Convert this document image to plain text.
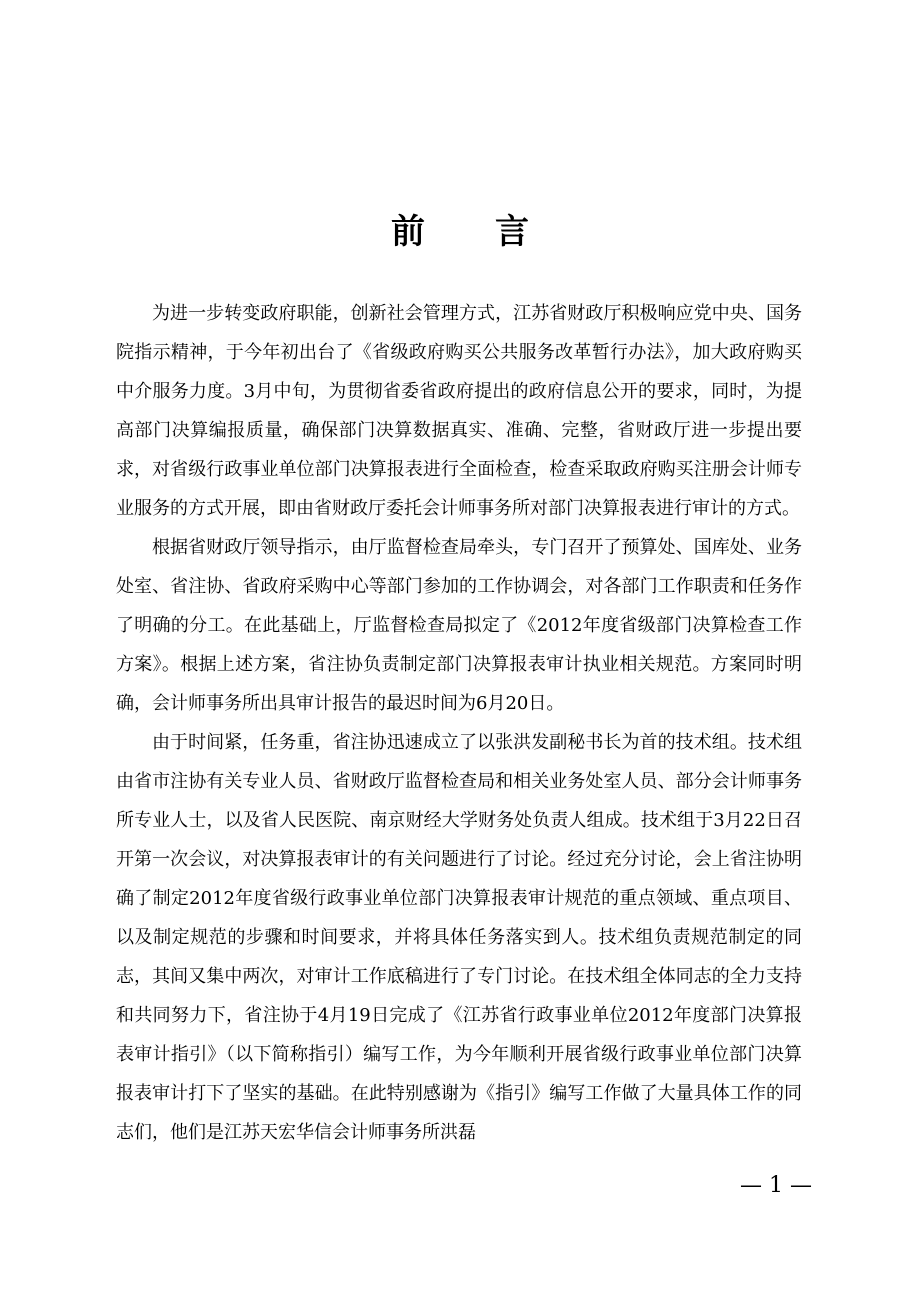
前言

为进一步转变政府职能，创新社会管理方式，江苏省财政厅积极响应党中央、国务院指示精神，于今年初出台了《省级政府购买公共服务改革暂行办法》，加大政府购买中介服务力度。3月中旬，为贯彻省委省政府提出的政府信息公开的要求，同时，为提高部门决算编报质量，确保部门决算数据真实、准确、完整，省财政厅进一步提出要求，对省级行政事业单位部门决算报表进行全面检查，检查采取政府购买注册会计师专业服务的方式开展，即由省财政厅委托会计师事务所对部门决算报表进行审计的方式。

根据省财政厅领导指示，由厅监督检查局牵头，专门召开了预算处、国库处、业务处室、省注协、省政府采购中心等部门参加的工作协调会，对各部门工作职责和任务作了明确的分工。在此基础上，厅监督检查局拟定了《2012年度省级部门决算检查工作方案》。根据上述方案，省注协负责制定部门决算报表审计执业相关规范。方案同时明确，会计师事务所出具审计报告的最迟时间为6月20日。

由于时间紧，任务重，省注协迅速成立了以张洪发副秘书长为首的技术组。技术组由省市注协有关专业人员、省财政厅监督检查局和相关业务处室人员、部分会计师事务所专业人士，以及省人民医院、南京财经大学财务处负责人组成。技术组于3月22日召开第一次会议，对决算报表审计的有关问题进行了讨论。经过充分讨论，会上省注协明确了制定2012年度省级行政事业单位部门决算报表审计规范的重点领域、重点项目、以及制定规范的步骤和时间要求，并将具体任务落实到人。技术组负责规范制定的同志，其间又集中两次，对审计工作底稿进行了专门讨论。在技术组全体同志的全力支持和共同努力下，省注协于4月19日完成了《江苏省行政事业单位2012年度部门决算报表审计指引》（以下简称指引）编写工作，为今年顺利开展省级行政事业单位部门决算报表审计打下了坚实的基础。在此特别感谢为《指引》编写工作做了大量具体工作的同志们，他们是江苏天宏华信会计师事务所洪磊

— 1 —
